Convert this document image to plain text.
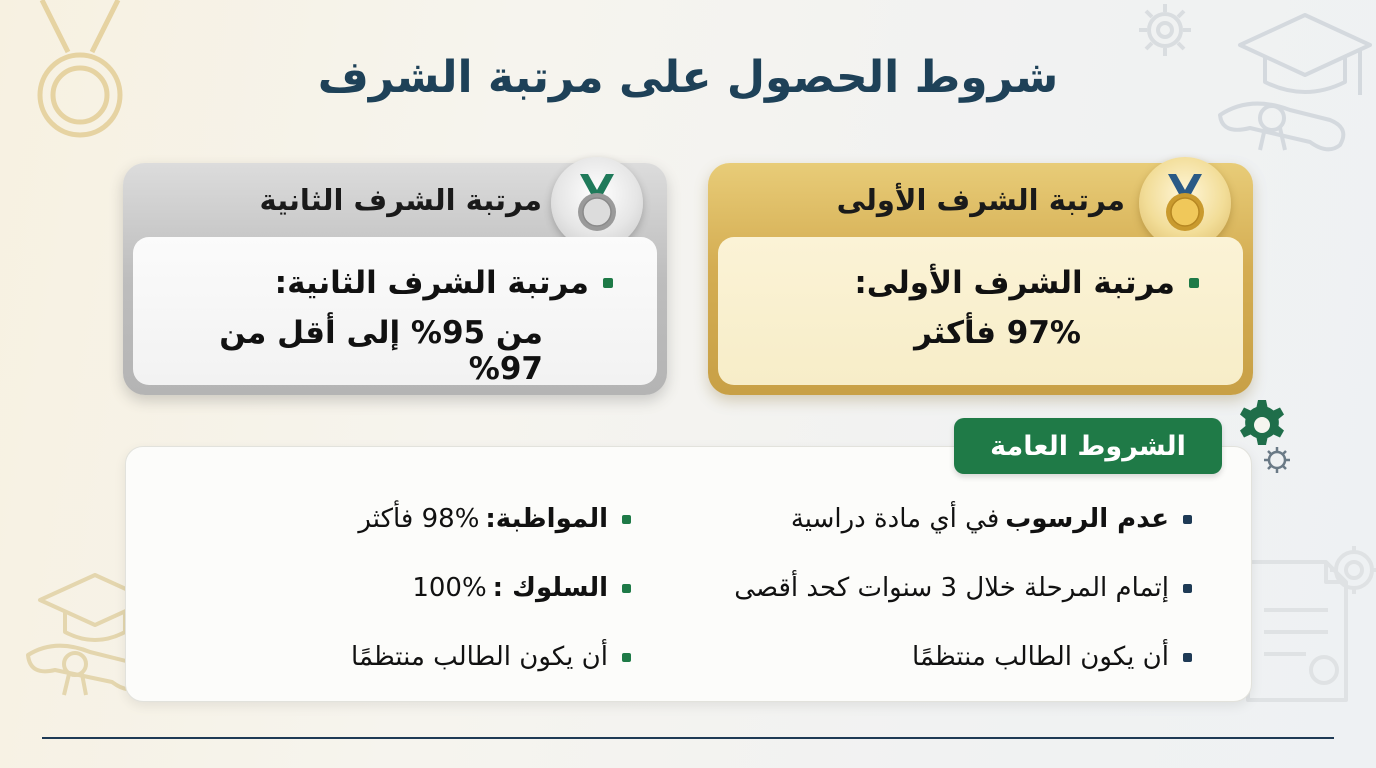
شروط الحصول على مرتبة الشرف
مرتبة الشرف الأولى
مرتبة الشرف الأولى:
97% فأكثر
مرتبة الشرف الثانية
مرتبة الشرف الثانية:
من 95% إلى أقل من 97%
الشروط العامة
عدم الرسوب
في أي مادة دراسية
إتمام المرحلة خلال 3 سنوات كحد أقصى
أن يكون الطالب منتظمًا
المواظبة:
98% فأكثر
السلوك :
100%
أن يكون الطالب منتظمًا
